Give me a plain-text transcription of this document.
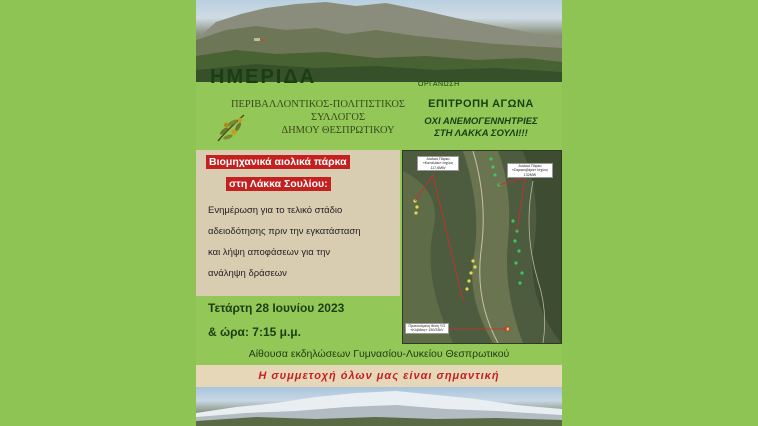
ΗΜΕΡΙΔΑ	ΟΡΓΑΝΩΣΗ
ΠΕΡΙΒΑΛΛΟΝΤΙΚΟΣ-ΠΟΛΙΤΙΣΤΙΚΟΣ
ΣΥΛΛΟΓΟΣ
ΔΗΜΟΥ ΘΕΣΠΡΩΤΙΚΟΥ
ΕΠΙΤΡΟΠΗ ΑΓΩΝΑ
ΟΧΙ ΑΝΕΜΟΓΕΝΝΗΤΡΙΕΣ
ΣΤΗ ΛΑΚΚΑ ΣΟΥΛΙ!!!
Βιομηχανικά αιολικά πάρκα
στη Λάκκα Σουλίου:
Ενημέρωση για το τελικό στάδιο
αδειοδότησης πριν την εγκατάσταση
και λήψη αποφάσεων για την
ανάληψη δράσεων
Αιολικό Πάρκο
«Καναλάκι» Ισχύος
117,6MW	Αιολικό Πάρκο
«Σαρακοβάρα» Ισχύος
132MW
Προτεινόμενη θέση Υ/Σ
«Κόβιθος» 150/33kV
Τετάρτη 28 Ιουνίου 2023
& ώρα: 7:15 μ.μ.
Αίθουσα εκδηλώσεων Γυμνασίου-Λυκείου Θεσπρωτικού
Η συμμετοχή όλων μας είναι σημαντική
